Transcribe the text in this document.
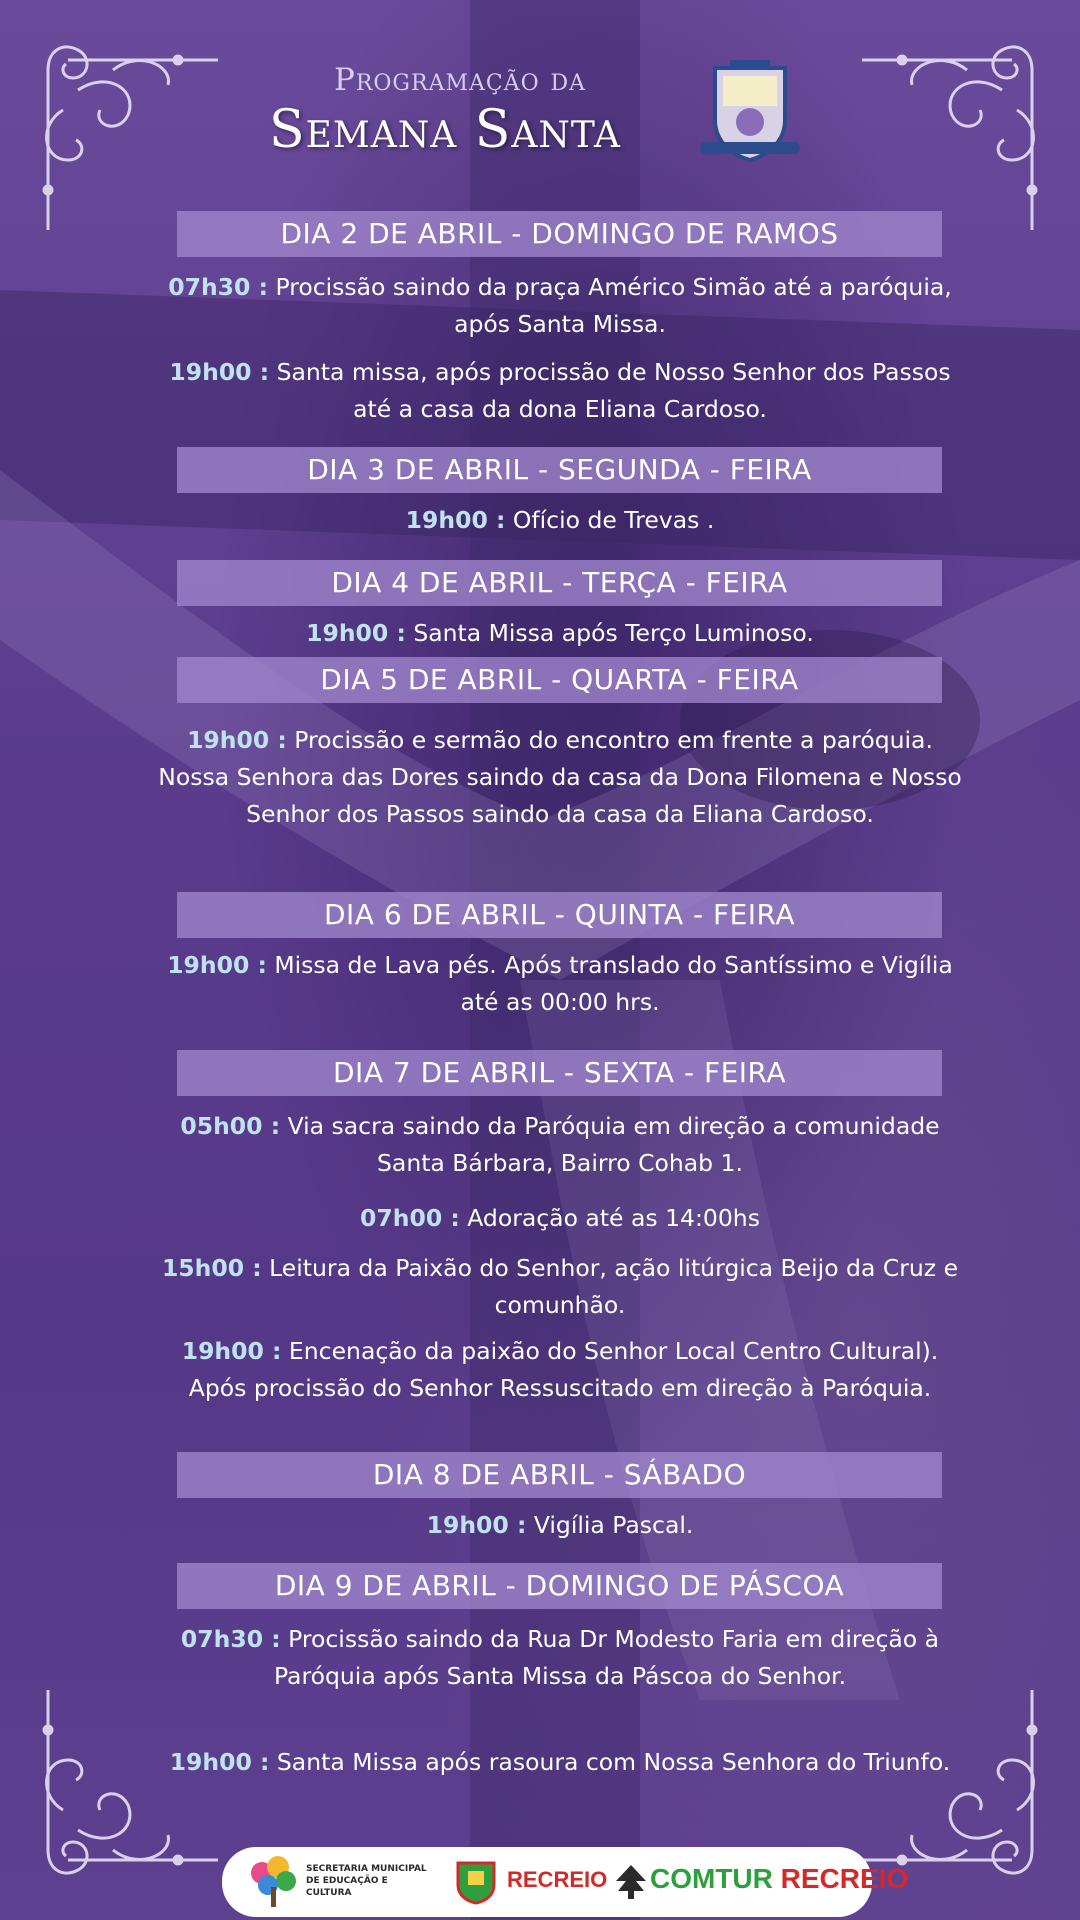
Programação da
Semana Santa
DIA 2 DE ABRIL - DOMINGO DE RAMOS
07h30 : Procissão saindo da praça Américo Simão até a paróquia, após Santa Missa.
19h00 : Santa missa, após procissão de Nosso Senhor dos Passos até a casa da dona Eliana Cardoso.
DIA 3 DE ABRIL - SEGUNDA - FEIRA
19h00 : Ofício de Trevas .
DIA 4 DE ABRIL - TERÇA - FEIRA
19h00 : Santa Missa após Terço Luminoso.
DIA 5 DE ABRIL - QUARTA - FEIRA
19h00 : Procissão e sermão do encontro em frente a paróquia. Nossa Senhora das Dores saindo da casa da Dona Filomena e Nosso Senhor dos Passos saindo da casa da Eliana Cardoso.
DIA 6 DE ABRIL - QUINTA - FEIRA
19h00 : Missa de Lava pés. Após translado do Santíssimo e Vigília até as 00:00 hrs.
DIA 7 DE ABRIL - SEXTA - FEIRA
05h00 : Via sacra saindo da Paróquia em direção a comunidade Santa Bárbara, Bairro Cohab 1.
07h00 : Adoração até as 14:00hs
15h00 : Leitura da Paixão do Senhor, ação litúrgica Beijo da Cruz e comunhão.
19h00 : Encenação da paixão do Senhor Local Centro Cultural). Após procissão do Senhor Ressuscitado em direção à Paróquia.
DIA 8 DE ABRIL - SÁBADO
19h00 : Vigília Pascal.
DIA 9 DE ABRIL - DOMINGO DE PÁSCOA
07h30 : Procissão saindo da Rua Dr Modesto Faria em direção à Paróquia após Santa Missa da Páscoa do Senhor.
19h00 : Santa Missa após rasoura com Nossa Senhora do Triunfo.
SECRETARIA MUNICIPAL DE EDUCAÇÃO E CULTURA
RECREIO COMTUR RECREIO
